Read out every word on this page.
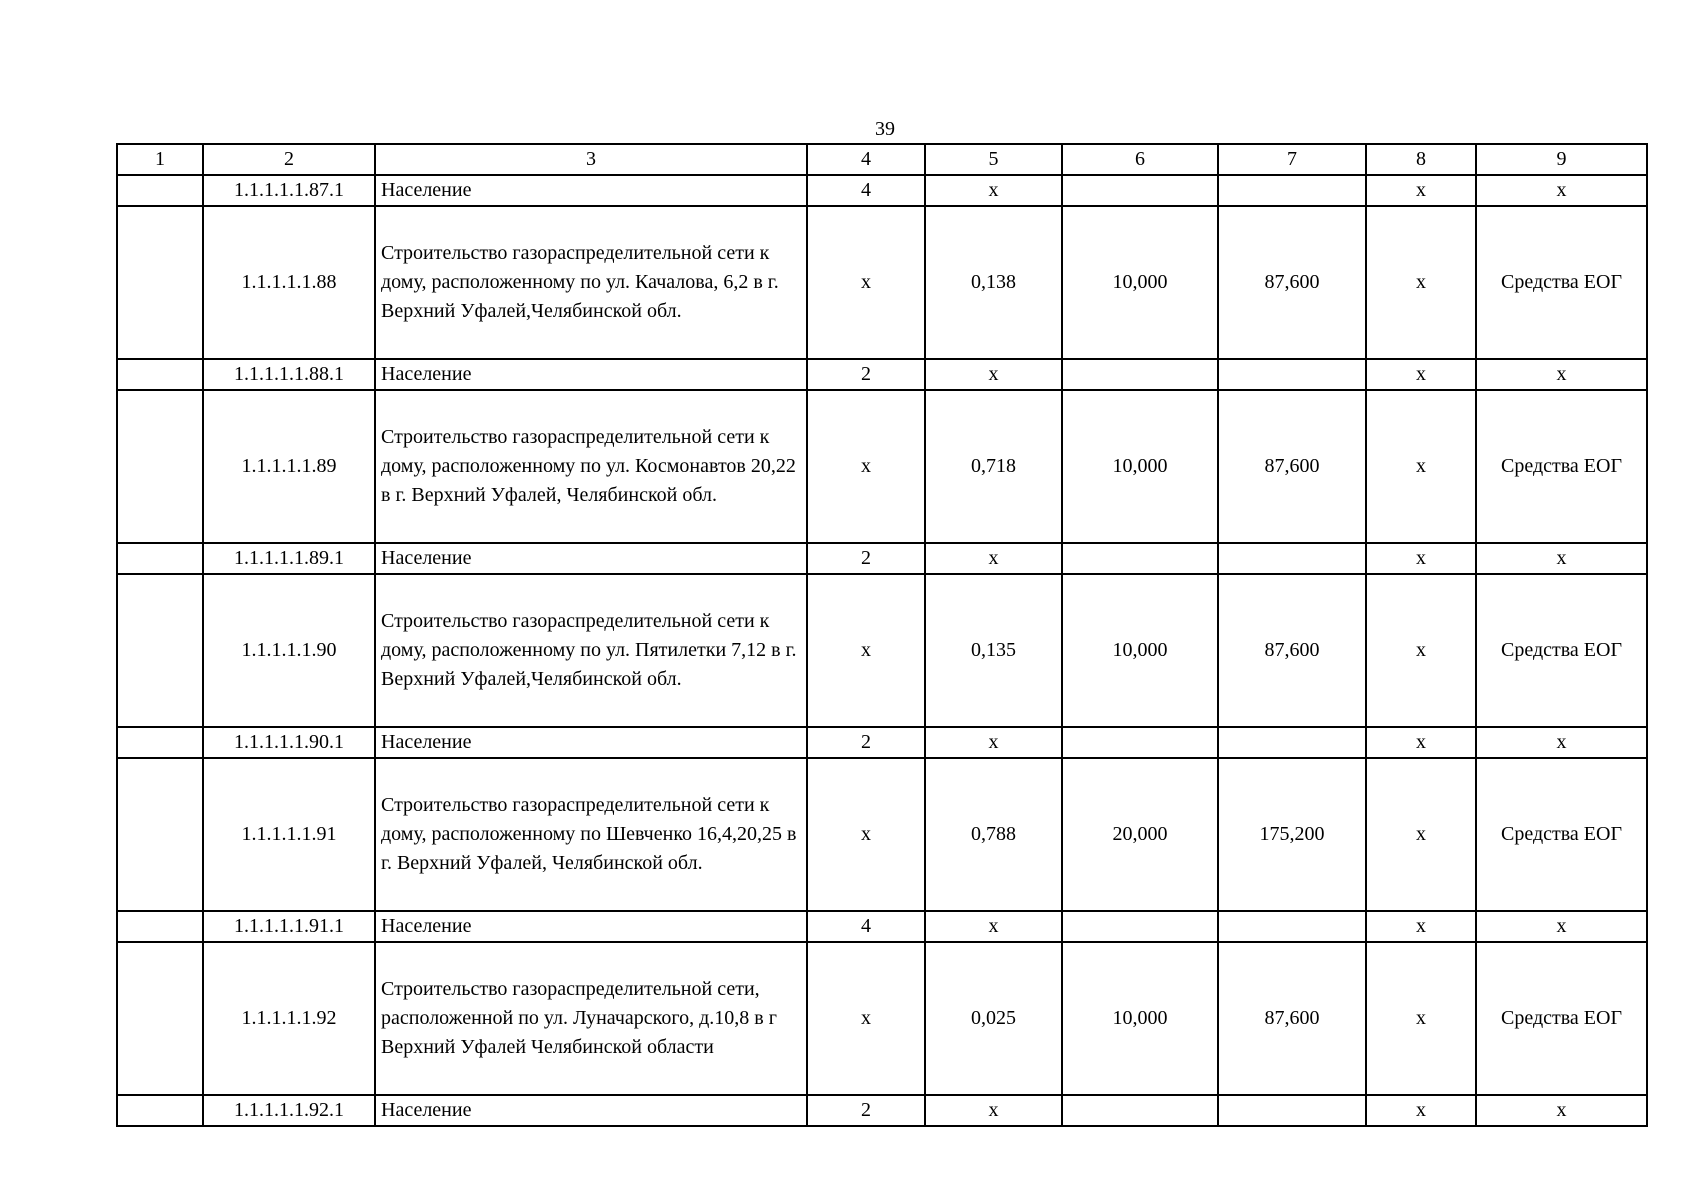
39
1	2	3	4	5	6	7	8	9
	1.1.1.1.1.87.1	Население	4	х			х	х
	1.1.1.1.1.88	Строительство газораспределительной сети к дому, расположенному по ул. Качалова, 6,2 в г. Верхний Уфалей,Челябинской обл.	х	0,138	10,000	87,600	х	Средства ЕОГ
	1.1.1.1.1.88.1	Население	2	х			х	х
	1.1.1.1.1.89	Строительство газораспределительной сети к дому, расположенному по ул. Космонавтов 20,22 в г. Верхний Уфалей, Челябинской обл.	х	0,718	10,000	87,600	х	Средства ЕОГ
	1.1.1.1.1.89.1	Население	2	х			х	х
	1.1.1.1.1.90	Строительство газораспределительной сети к дому, расположенному по ул. Пятилетки 7,12 в г. Верхний Уфалей,Челябинской обл.	х	0,135	10,000	87,600	х	Средства ЕОГ
	1.1.1.1.1.90.1	Население	2	х			х	х
	1.1.1.1.1.91	Строительство газораспределительной сети к дому, расположенному по Шевченко 16,4,20,25 в г. Верхний Уфалей, Челябинской обл.	х	0,788	20,000	175,200	х	Средства ЕОГ
	1.1.1.1.1.91.1	Население	4	х			х	х
	1.1.1.1.1.92	Строительство газораспределительной сети, расположенной по ул. Луначарского, д.10,8 в г Верхний Уфалей Челябинской области	х	0,025	10,000	87,600	х	Средства ЕОГ
	1.1.1.1.1.92.1	Население	2	х			х	х
